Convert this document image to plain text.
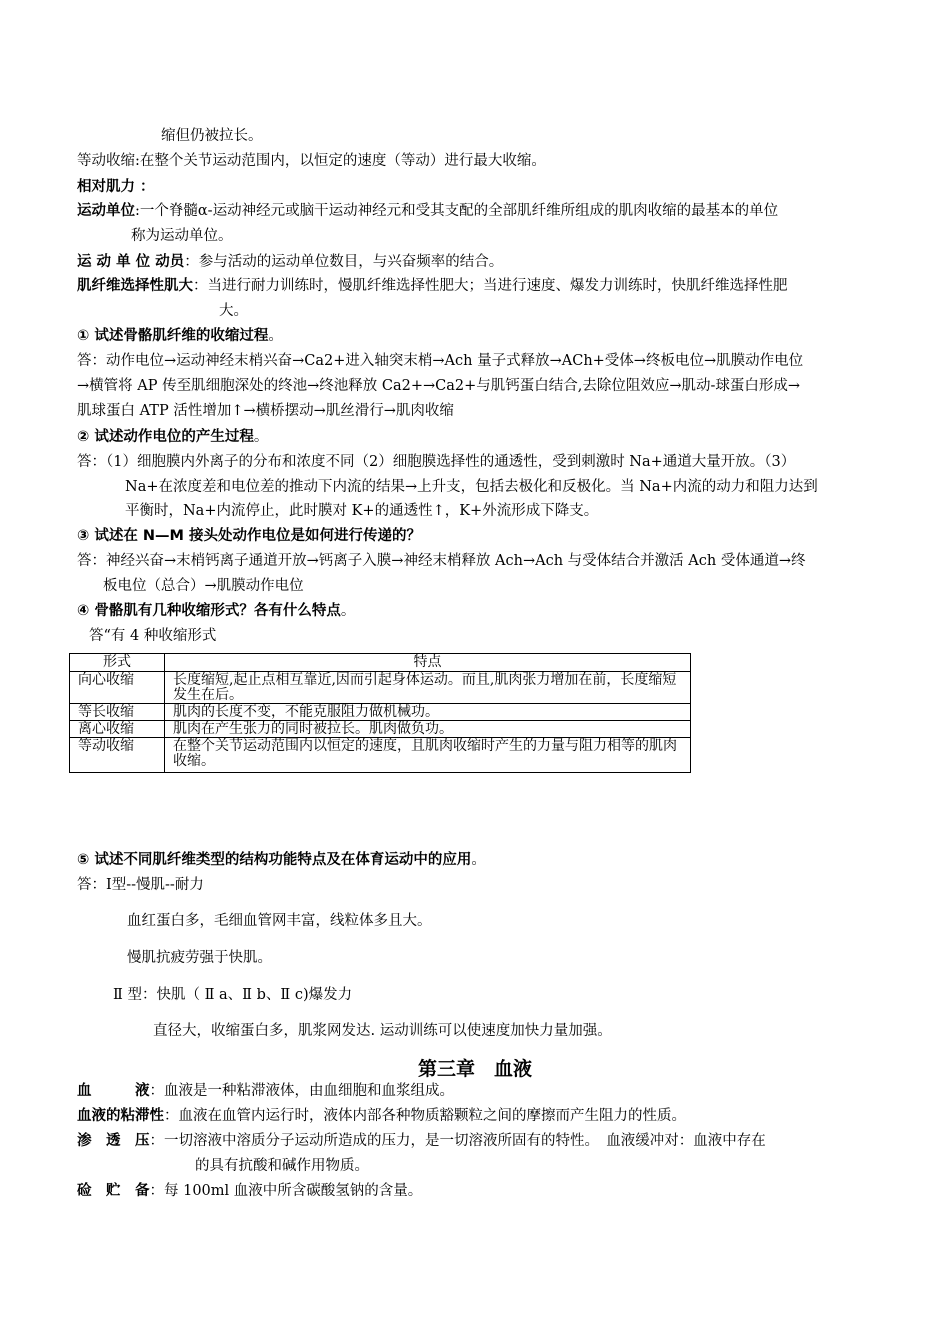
缩但仍被拉长。
等动收缩:在整个关节运动范围内，以恒定的速度（等动）进行最大收缩。
相对肌力 ：
运动单位:一个脊髓α-运动神经元或脑干运动神经元和受其支配的全部肌纤维所组成的肌肉收缩的最基本的单位
称为运动单位。
运 动 单 位 动员：参与活动的运动单位数目，与兴奋频率的结合。
肌纤维选择性肌大：当进行耐力训练时，慢肌纤维选择性肥大；当进行速度、爆发力训练时，快肌纤维选择性肥
大。
① 试述骨骼肌纤维的收缩过程。
答：动作电位→运动神经末梢兴奋→Ca2+进入轴突末梢→Ach 量子式释放→ACh+受体→终板电位→肌膜动作电位
→横管将 AP 传至肌细胞深处的终池→终池释放 Ca2+→Ca2+与肌钙蛋白结合,去除位阻效应→肌动-球蛋白形成→
肌球蛋白 ATP 活性增加↑→横桥摆动→肌丝滑行→肌肉收缩
② 试述动作电位的产生过程。
答：（1）细胞膜内外离子的分布和浓度不同（2）细胞膜选择性的通透性，受到刺激时 Na+通道大量开放。（3）
Na+在浓度差和电位差的推动下内流的结果→上升支，包括去极化和反极化。当 Na+内流的动力和阻力达到
平衡时，Na+内流停止，此时膜对 K+的通透性↑，K+外流形成下降支。
③ 试述在 N—M 接头处动作电位是如何进行传递的？
答：神经兴奋→末梢钙离子通道开放→钙离子入膜→神经末梢释放 Ach→Ach 与受体结合并激活 Ach 受体通道→终
板电位（总合）→肌膜动作电位
④ 骨骼肌有几种收缩形式？各有什么特点。
答“有 4 种收缩形式
形式	特点
向心收缩	长度缩短,起止点相互靠近,因而引起身体运动。而且,肌肉张力增加在前，长度缩短发生在后。
等长收缩	肌肉的长度不变，不能克服阻力做机械功。
离心收缩	肌肉在产生张力的同时被拉长。肌肉做负功。
等动收缩	在整个关节运动范围内以恒定的速度，且肌肉收缩时产生的力量与阻力相等的肌肉收缩。
⑤ 试述不同肌纤维类型的结构功能特点及在体育运动中的应用。
答：Ⅰ型--慢肌--耐力
血红蛋白多，毛细血管网丰富，线粒体多且大。
慢肌抗疲劳强于快肌。
Ⅱ 型：快肌（ Ⅱ a、Ⅱ b、Ⅱ c)爆发力
直径大，收缩蛋白多，肌浆网发达. 运动训练可以使速度加快力量加强。
第三章　血液
血　　　液：血液是一种粘滞液体，由血细胞和血浆组成。
血液的粘滞性：血液在血管内运行时，液体内部各种物质豁颗粒之间的摩擦而产生阻力的性质。
渗　透　压：一切溶液中溶质分子运动所造成的压力，是一切溶液所固有的特性。　血液缓冲对：血液中存在
的具有抗酸和碱作用物质。
硷　贮　备：每 100ml 血液中所含碳酸氢钠的含量。
